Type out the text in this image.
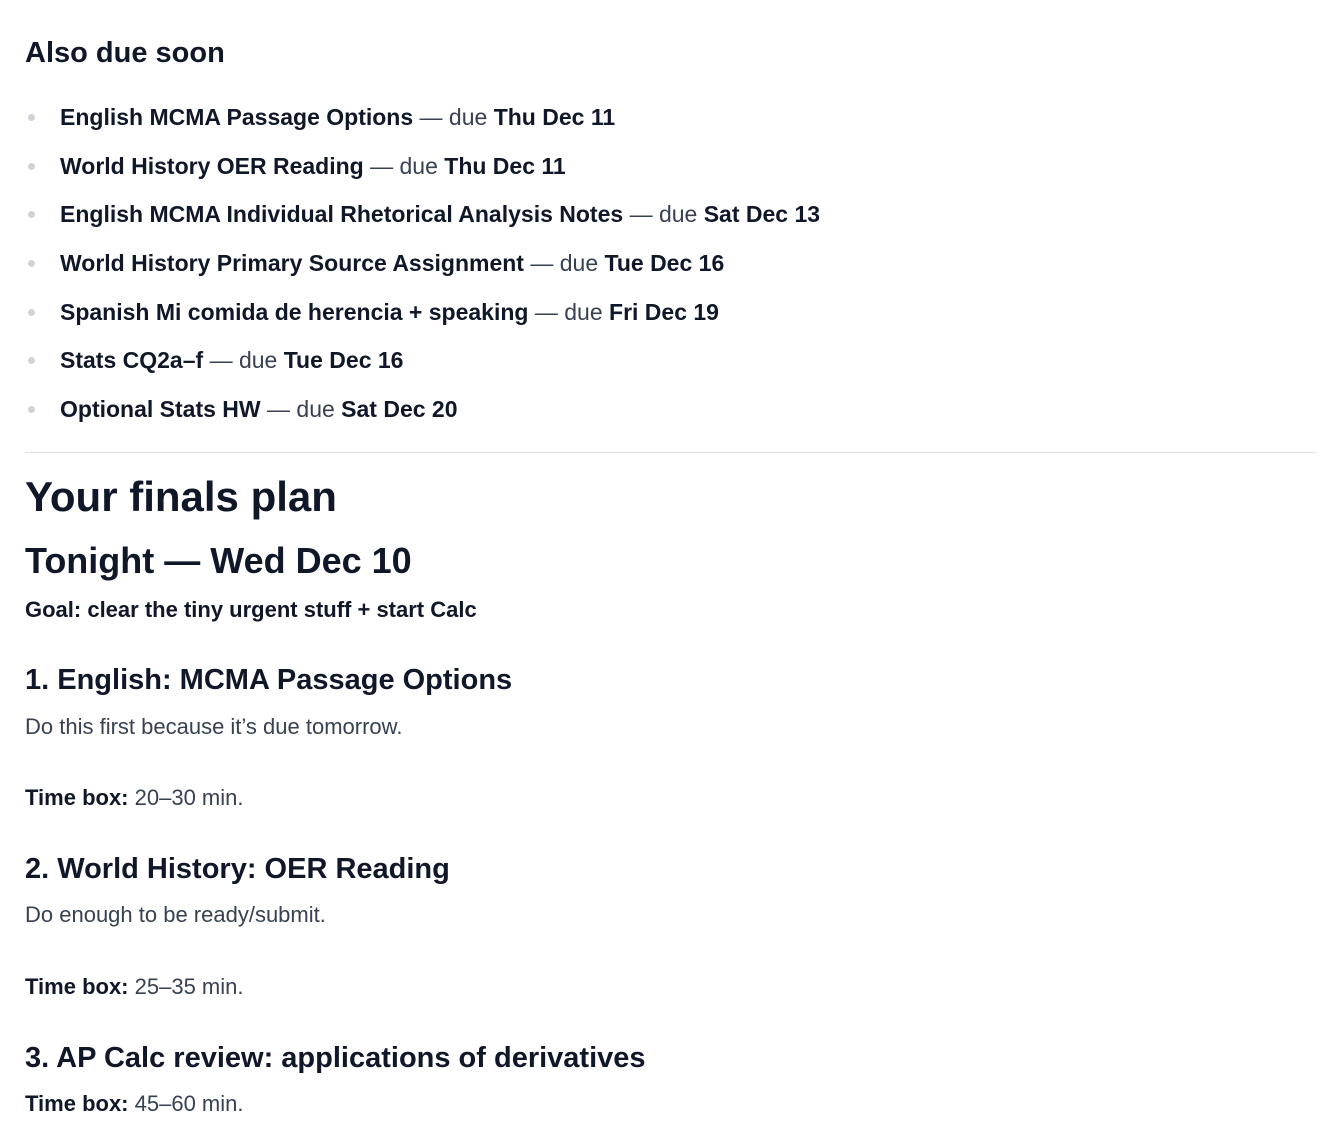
Also due soon
English MCMA Passage Options — due Thu Dec 11
World History OER Reading — due Thu Dec 11
English MCMA Individual Rhetorical Analysis Notes — due Sat Dec 13
World History Primary Source Assignment — due Tue Dec 16
Spanish Mi comida de herencia + speaking — due Fri Dec 19
Stats CQ2a–f — due Tue Dec 16
Optional Stats HW — due Sat Dec 20
Your finals plan
Tonight — Wed Dec 10

Goal: clear the tiny urgent stuff + start Calc

1. English: MCMA Passage Options

Do this first because it’s due tomorrow.

Time box: 20–30 min.

2. World History: OER Reading

Do enough to be ready/submit.

Time box: 25–35 min.

3. AP Calc review: applications of derivatives

Time box: 45–60 min.
